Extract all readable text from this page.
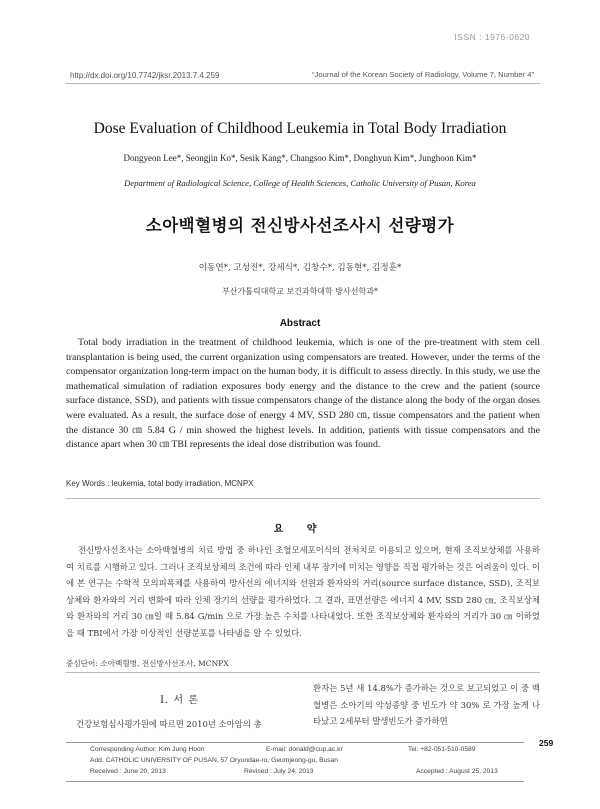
ISSN : 1976-0620
http://dx.doi.org/10.7742/jksr.2013.7.4.259	“Journal of the Korean Society of Radiology, Volume 7, Number 4”
Dose Evaluation of Childhood Leukemia in Total Body Irradiation
Dongyeon Lee*, Seongjin Ko*, Sesik Kang*, Changsoo Kim*, Donghyun Kim*, Junghoon Kim*
Department of Radiological Science, College of Health Sciences, Catholic University of Pusan, Korea
소아백혈병의 전신방사선조사시 선량평가
이동연*, 고성진*, 강세식*, 김창수*, 김동현*, 김정훈*
부산가톨릭대학교 보건과학대학 방사선학과*
Abstract

Total body irradiation in the treatment of childhood leukemia, which is one of the pre-treatment with stem cell transplantation is being used, the current organization using compensators are treated. However, under the terms of the compensator organization long-term impact on the human body, it is difficult to assess directly. In this study, we use the mathematical simulation of radiation exposures body energy and the distance to the crew and the patient (source surface distance, SSD), and patients with tissue compensators change of the distance along the body of the organ doses were evaluated. As a result, the surface dose of energy 4 MV, SSD 280 ㎝, tissue compensators and the patient when the distance 30 ㎝ 5.84 G / min showed the highest levels. In addition, patients with tissue compensators and the distance apart when 30 ㎝ TBI represents the ideal dose distribution was found.

Key Words : leukemia, total body irradiation, MCNPX
요 약

전신방사선조사는 소아백혈병의 치료 방법 중 하나인 조혈모세포이식의 전처치로 이용되고 있으며, 현재 조직보상체를 사용하여 치료를 시행하고 있다. 그러나 조직보상체의 조건에 따라 인체 내부 장기에 미치는 영향을 직접 평가하는 것은 어려움이 있다. 이에 본 연구는 수학적 모의피폭체를 사용하여 방사선의 에너지와 선원과 환자와의 거리(source surface distance, SSD), 조직보상체와 환자와의 거리 변화에 따라 인체 장기의 선량을 평가하였다. 그 결과, 표면선량은 에너지 4 MV, SSD 280 ㎝, 조직보상체와 환자와의 거리 30 ㎝일 때 5.84 G/min 으로 가장 높은 수치를 나타내었다. 또한 조직보상체와 환자와의 거리가 30 ㎝ 이하였을 때 TBI에서 가장 이상적인 선량분포를 나타냄을 알 수 있었다.

중심단어: 소아백혈병, 전신방사선조사, MCNPX
I. 서 론

건강보험심사평가원에 따르면 2010년 소아암의 총

환자는 5년 새 14.8%가 증가하는 것으로 보고되었고 이 중 백혈병은 소아기의 악성종양 중 빈도가 약 30% 로 가장 높게 나타났고 2세부터 발생빈도가 증가하면

Corresponding Author: Kim Jung Hoon	E-mail: donald@cup.ac.kr	Tel: +82-051-510-0589
Add. CATHOLIC UNIVERSITY OF PUSAN, 57 Oryundae-ro, Geumjeong-gu, Busan
Received : June 20, 2013	Revised : July 24, 2013	Accepted : August 25, 2013
259
